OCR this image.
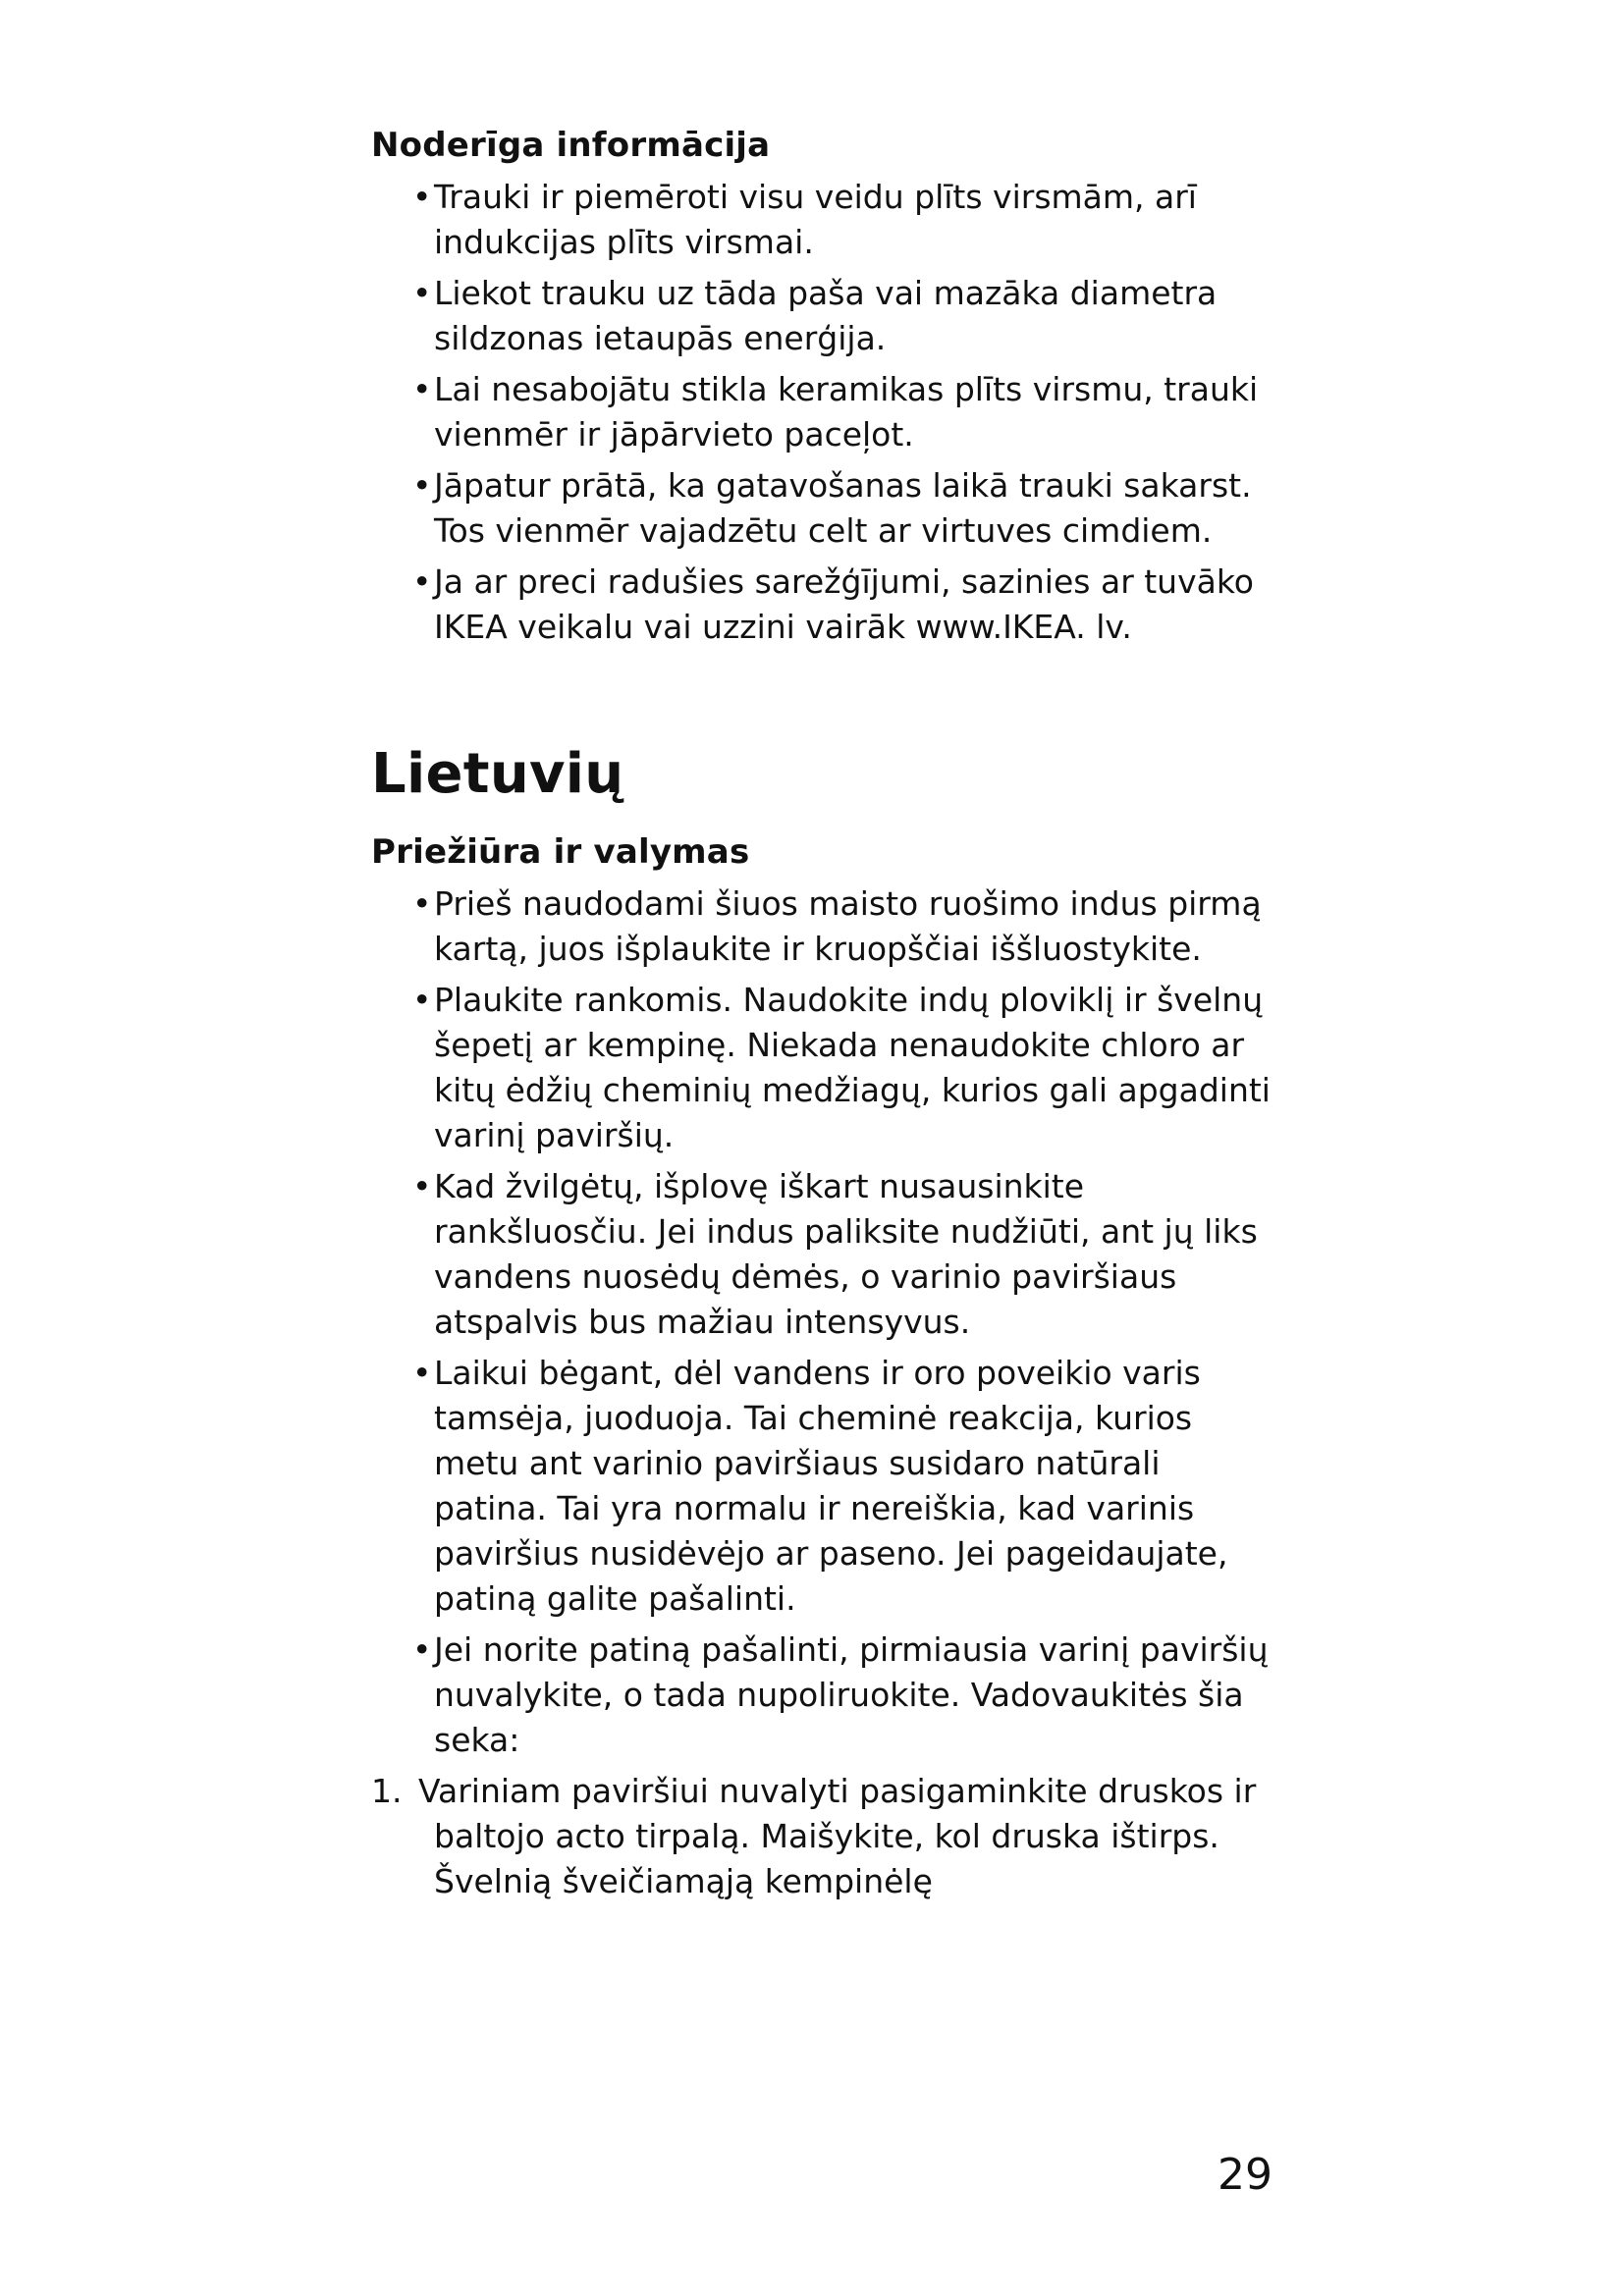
Noderīga informācija
•Trauki ir piemēroti visu veidu plīts virsmām, arī indukcijas plīts virsmai.
•Liekot trauku uz tāda paša vai mazāka diametra sildzonas ietaupās enerģija.
•Lai nesabojātu stikla keramikas plīts virsmu, trauki vienmēr ir jāpārvieto paceļot.
•Jāpatur prātā, ka gatavošanas laikā trauki sakarst. Tos vienmēr vajadzētu celt ar virtuves cimdiem.
•Ja ar preci radušies sarežģījumi, sazinies ar tuvāko IKEA veikalu vai uzzini vairāk www.IKEA. lv.
Lietuvių
Priežiūra ir valymas
•Prieš naudodami šiuos maisto ruošimo indus pirmą kartą, juos išplaukite ir kruopščiai iššluostykite.
•Plaukite rankomis. Naudokite indų ploviklį ir švelnų šepetį ar kempinę. Niekada nenaudokite chloro ar kitų ėdžių cheminių medžiagų, kurios gali apgadinti varinį paviršių.
•Kad žvilgėtų, išplovę iškart nusausinkite rankšluosčiu. Jei indus paliksite nudžiūti, ant jų liks vandens nuosėdų dėmės, o varinio paviršiaus atspalvis bus mažiau intensyvus.
•Laikui bėgant, dėl vandens ir oro poveikio varis tamsėja, juoduoja. Tai cheminė reakcija, kurios metu ant varinio paviršiaus susidaro natūrali patina. Tai yra normalu ir nereiškia, kad varinis paviršius nusidėvėjo ar paseno. Jei pageidaujate, patiną galite pašalinti.
•Jei norite patiną pašalinti, pirmiausia varinį paviršių nuvalykite, o tada nupoliruokite. Vadovaukitės šia seka:
1. Variniam paviršiui nuvalyti pasigaminkite druskos ir baltojo acto tirpalą. Maišykite, kol druska ištirps. Švelnią šveičiamąją kempinėlę
29
